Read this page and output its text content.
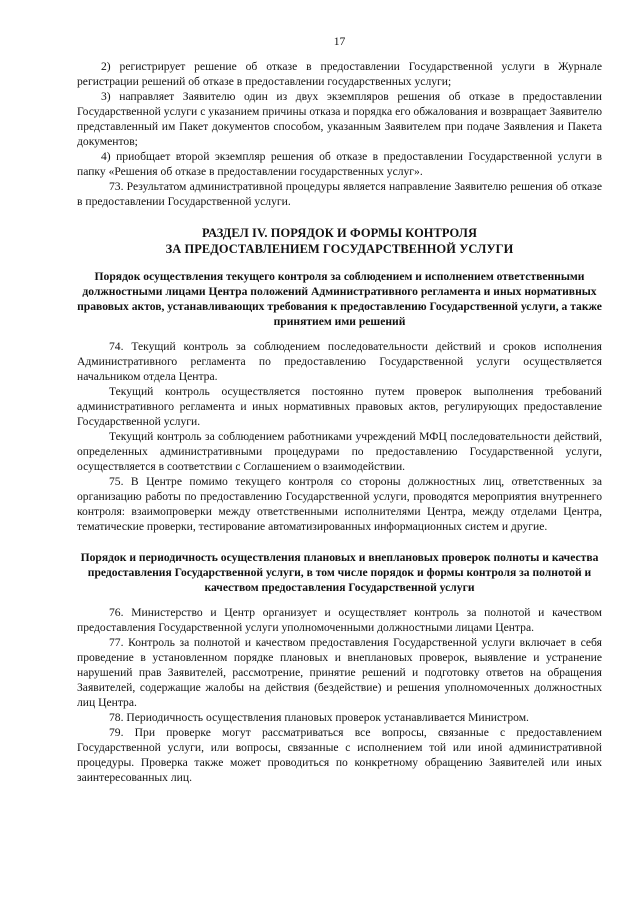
17

2) регистрирует решение об отказе в предоставлении Государственной услуги в Журнале регистрации решений об отказе в предоставлении государственных услуги;

3) направляет Заявителю один из двух экземпляров решения об отказе в предоставлении Государственной услуги с указанием причины отказа и порядка его обжалования и возвращает Заявителю представленный им Пакет документов способом, указанным Заявителем при подаче Заявления и Пакета документов;

4) приобщает второй экземпляр решения об отказе в предоставлении Государственной услуги в папку «Решения об отказе в предоставлении государственных услуг».

73. Результатом административной процедуры является направление Заявителю решения об отказе в предоставлении Государственной услуги.

РАЗДЕЛ IV. ПОРЯДОК И ФОРМЫ КОНТРОЛЯ
ЗА ПРЕДОСТАВЛЕНИЕМ ГОСУДАРСТВЕННОЙ УСЛУГИ
Порядок осуществления текущего контроля за соблюдением и исполнением ответственными должностными лицами Центра положений Административного регламента и иных нормативных правовых актов, устанавливающих требования к предоставлению Государственной услуги, а также принятием ими решений

74. Текущий контроль за соблюдением последовательности действий и сроков исполнения Административного регламента по предоставлению Государственной услуги осуществляется начальником отдела Центра.

Текущий контроль осуществляется постоянно путем проверок выполнения требований административного регламента и иных нормативных правовых актов, регулирующих предоставление Государственной услуги.

Текущий контроль за соблюдением работниками учреждений МФЦ последовательности действий, определенных административными процедурами по предоставлению Государственной услуги, осуществляется в соответствии с Соглашением о взаимодействии.

75. В Центре помимо текущего контроля со стороны должностных лиц, ответственных за организацию работы по предоставлению Государственной услуги, проводятся мероприятия внутреннего контроля: взаимопроверки между ответственными исполнителями Центра, между отделами Центра, тематические проверки, тестирование автоматизированных информационных систем и другие.

Порядок и периодичность осуществления плановых и внеплановых проверок полноты и качества предоставления Государственной услуги, в том числе порядок и формы контроля за полнотой и качеством предоставления Государственной услуги

76. Министерство и Центр организует и осуществляет контроль за полнотой и качеством предоставления Государственной услуги уполномоченными должностными лицами Центра.

77. Контроль за полнотой и качеством предоставления Государственной услуги включает в себя проведение в установленном порядке плановых и внеплановых проверок, выявление и устранение нарушений прав Заявителей, рассмотрение, принятие решений и подготовку ответов на обращения Заявителей, содержащие жалобы на действия (бездействие) и решения уполномоченных должностных лиц Центра.

78. Периодичность осуществления плановых проверок устанавливается Министром.

79. При проверке могут рассматриваться все вопросы, связанные с предоставлением Государственной услуги, или вопросы, связанные с исполнением той или иной административной процедуры. Проверка также может проводиться по конкретному обращению Заявителей или иных заинтересованных лиц.
